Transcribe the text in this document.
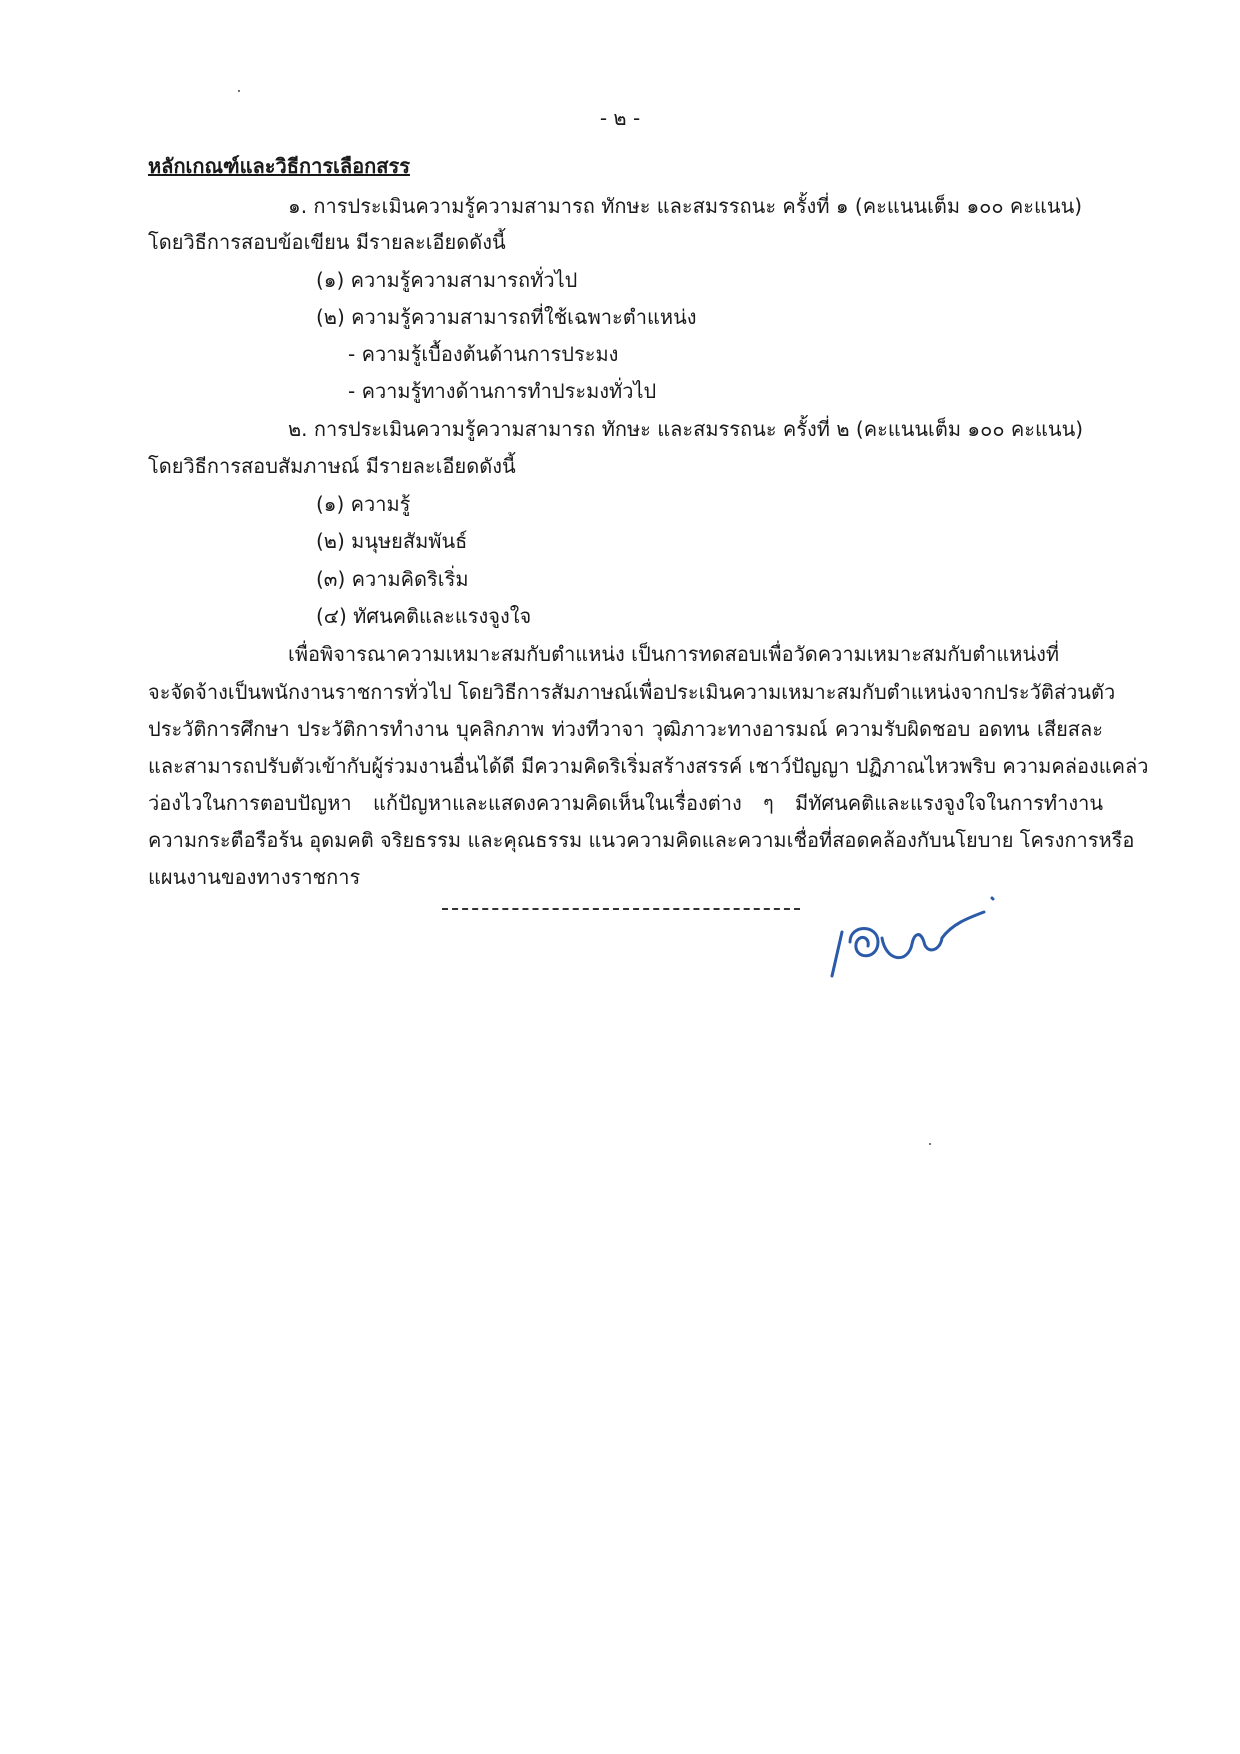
- ๒ -
หลักเกณฑ์และวิธีการเลือกสรร
๑. การประเมินความรู้ความสามารถ ทักษะ และสมรรถนะ ครั้งที่ ๑ (คะแนนเต็ม ๑๐๐ คะแนน)
โดยวิธีการสอบข้อเขียน มีรายละเอียดดังนี้
(๑) ความรู้ความสามารถทั่วไป
(๒) ความรู้ความสามารถที่ใช้เฉพาะตำแหน่ง
- ความรู้เบื้องต้นด้านการประมง
- ความรู้ทางด้านการทำประมงทั่วไป
๒. การประเมินความรู้ความสามารถ ทักษะ และสมรรถนะ ครั้งที่ ๒ (คะแนนเต็ม ๑๐๐ คะแนน)
โดยวิธีการสอบสัมภาษณ์ มีรายละเอียดดังนี้
(๑) ความรู้
(๒) มนุษยสัมพันธ์
(๓) ความคิดริเริ่ม
(๔) ทัศนคติและแรงจูงใจ
เพื่อพิจารณาความเหมาะสมกับตำแหน่ง เป็นการทดสอบเพื่อวัดความเหมาะสมกับตำแหน่งที่
จะจัดจ้างเป็นพนักงานราชการทั่วไป โดยวิธีการสัมภาษณ์เพื่อประเมินความเหมาะสมกับตำแหน่งจากประวัติส่วนตัว
ประวัติการศึกษา ประวัติการทำงาน บุคลิกภาพ ท่วงทีวาจา วุฒิภาวะทางอารมณ์ ความรับผิดชอบ อดทน เสียสละ
และสามารถปรับตัวเข้ากับผู้ร่วมงานอื่นได้ดี มีความคิดริเริ่มสร้างสรรค์ เชาว์ปัญญา ปฏิภาณไหวพริบ ความคล่องแคล่ว
ว่องไวในการตอบปัญหา แก้ปัญหาและแสดงความคิดเห็นในเรื่องต่าง ๆ มีทัศนคติและแรงจูงใจในการทำงาน
ความกระตือรือร้น อุดมคติ จริยธรรม และคุณธรรม แนวความคิดและความเชื่อที่สอดคล้องกับนโยบาย โครงการหรือ
แผนงานของทางราชการ
